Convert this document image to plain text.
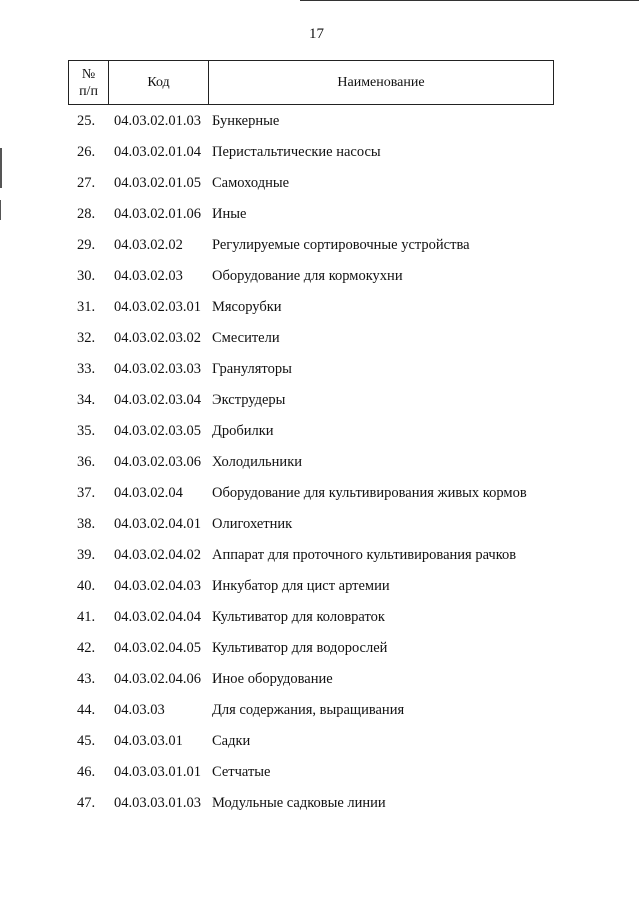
17
№
п/п
Код	Наименование
25. 04.03.02.01.03 Бункерные
26. 04.03.02.01.04 Перистальтические насосы
27. 04.03.02.01.05 Самоходные
28. 04.03.02.01.06 Иные
29. 04.03.02.02 Регулируемые сортировочные устройства
30. 04.03.02.03 Оборудование для кормокухни
31. 04.03.02.03.01 Мясорубки
32. 04.03.02.03.02 Смесители
33. 04.03.02.03.03 Грануляторы
34. 04.03.02.03.04 Экструдеры
35. 04.03.02.03.05 Дробилки
36. 04.03.02.03.06 Холодильники
37. 04.03.02.04 Оборудование для культивирования живых кормов
38. 04.03.02.04.01 Олигохетник
39. 04.03.02.04.02 Аппарат для проточного культивирования рачков
40. 04.03.02.04.03 Инкубатор для цист артемии
41. 04.03.02.04.04 Культиватор для коловраток
42. 04.03.02.04.05 Культиватор для водорослей
43. 04.03.02.04.06 Иное оборудование
44. 04.03.03	Для содержания, выращивания
45. 04.03.03.01 Садки
46. 04.03.03.01.01 Сетчатые
47. 04.03.03.01.03 Модульные садковые линии
